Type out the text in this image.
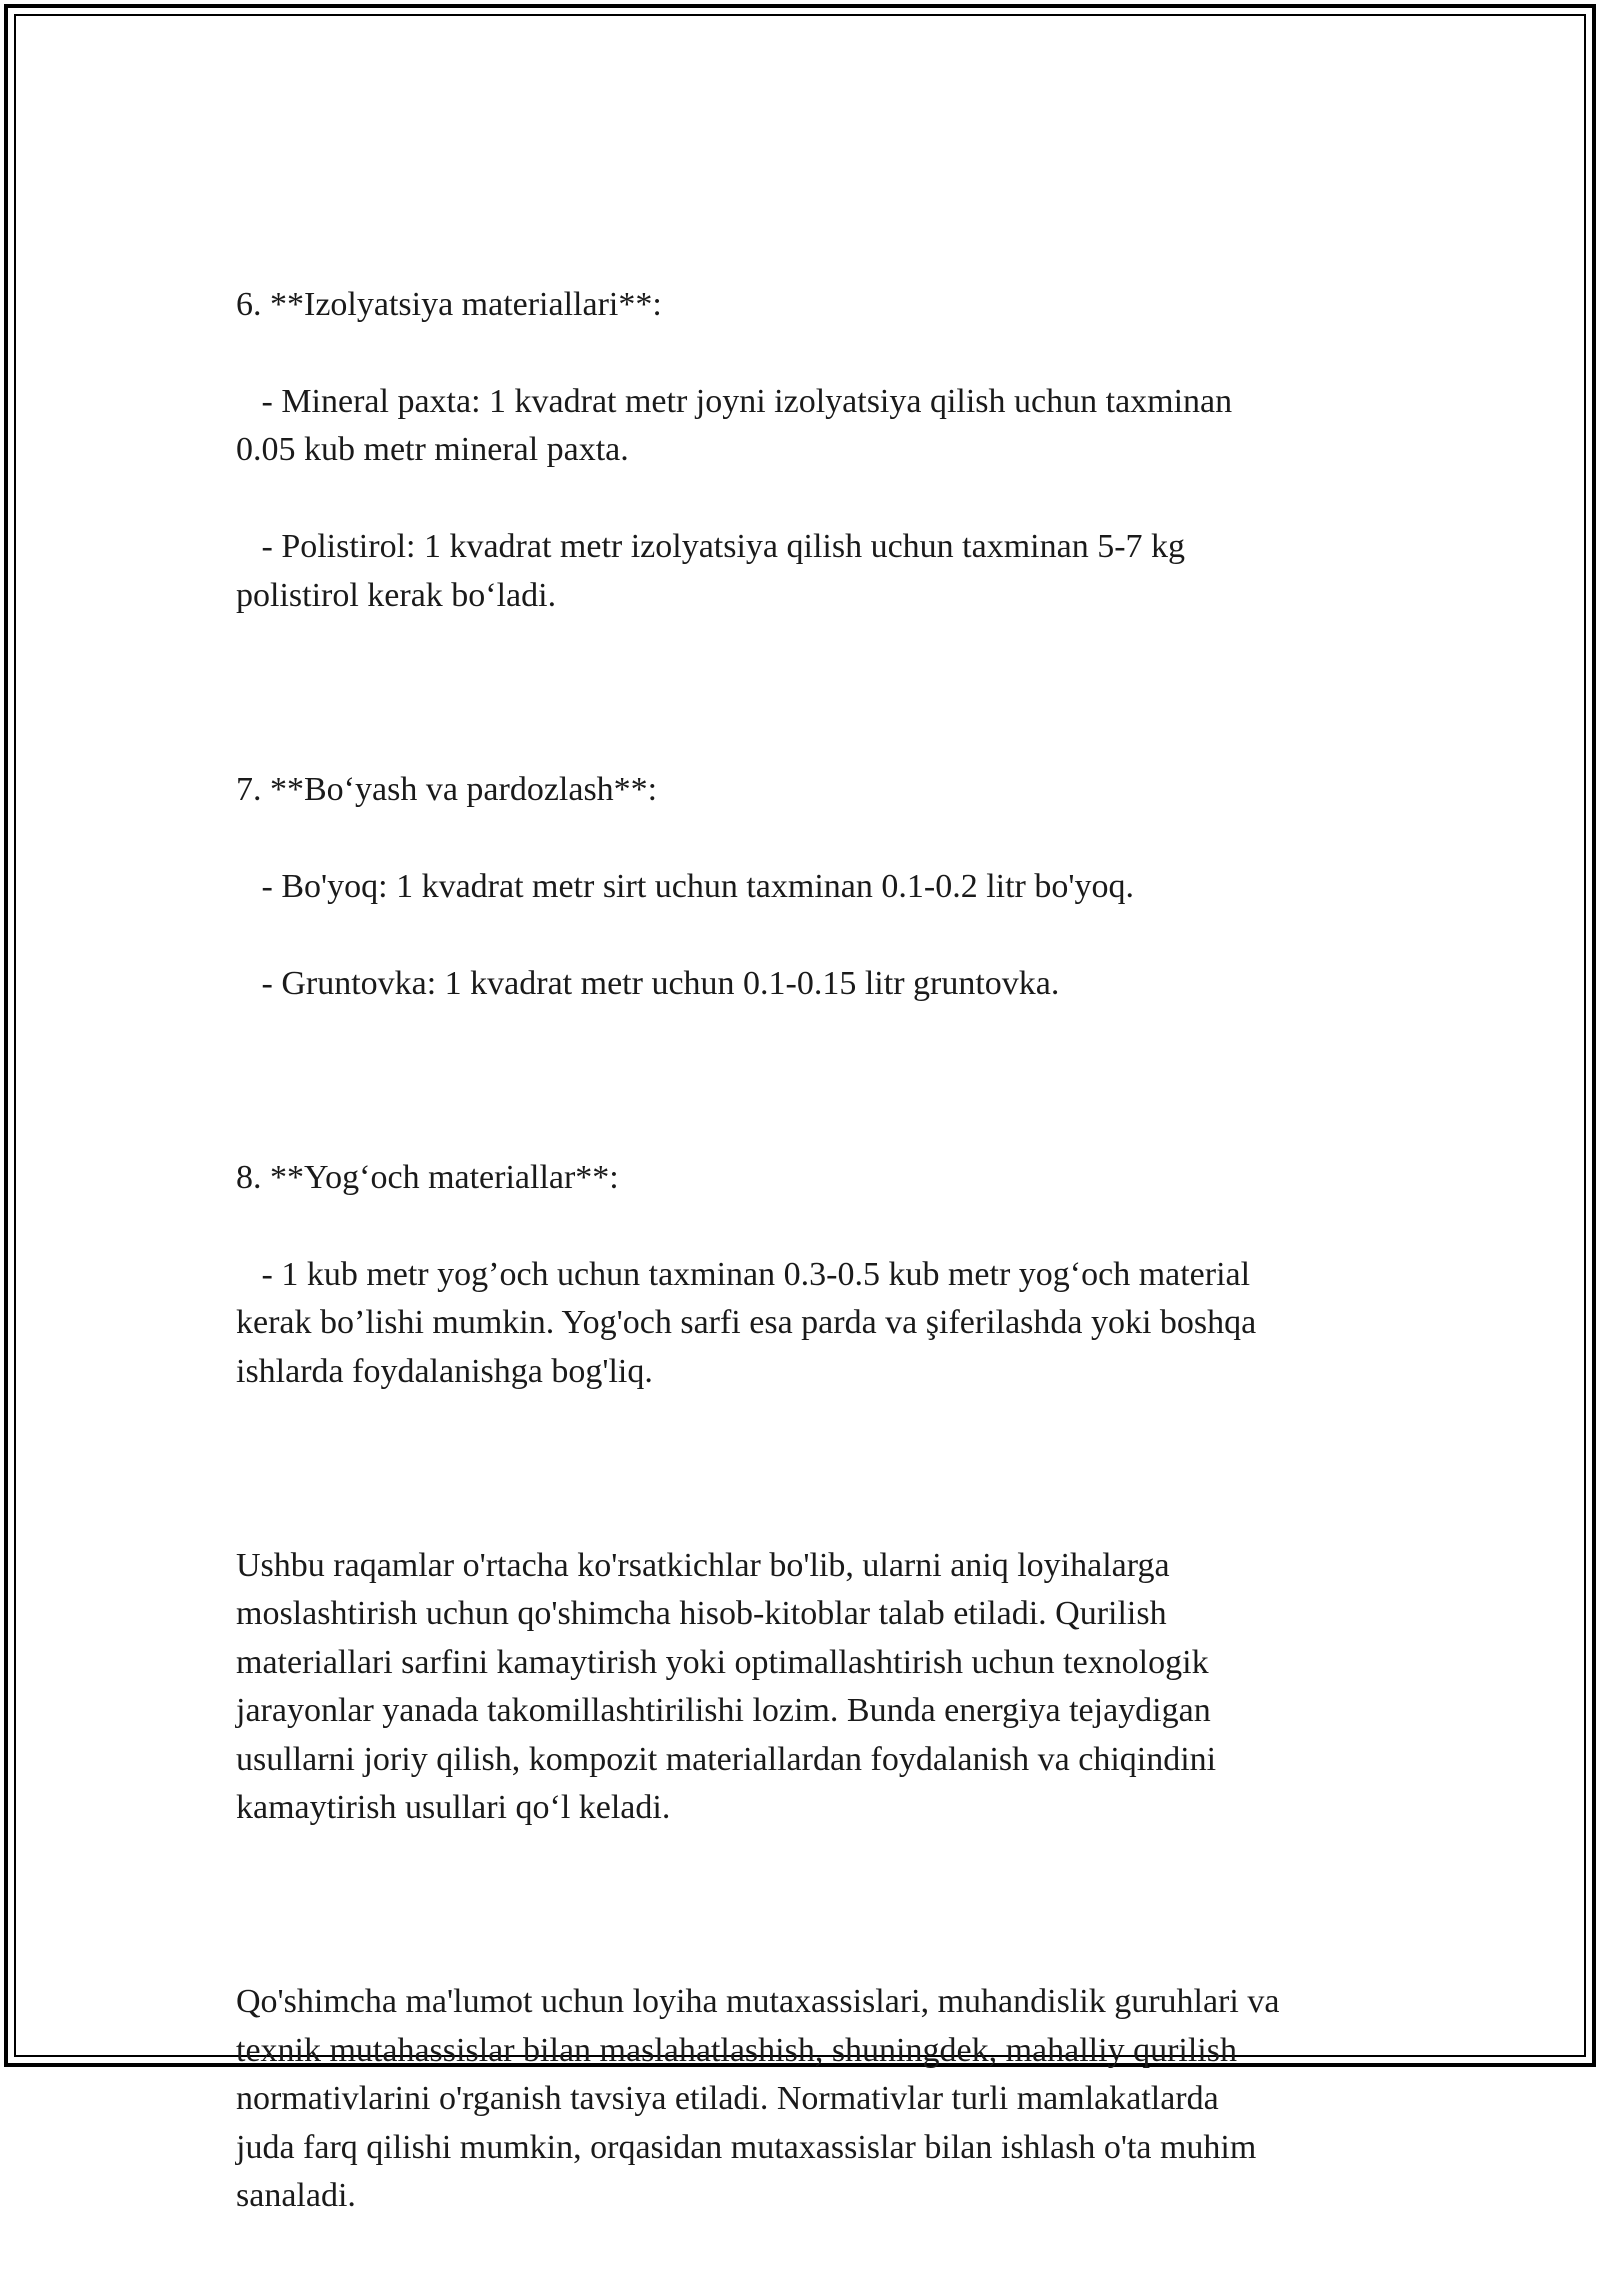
6. **Izolyatsiya materiallari**:

- Mineral paxta: 1 kvadrat metr joyni izolyatsiya qilish uchun taxminan
0.05 kub metr mineral paxta.

- Polistirol: 1 kvadrat metr izolyatsiya qilish uchun taxminan 5-7 kg
polistirol kerak bo‘ladi.

7. **Bo‘yash va pardozlash**:

- Bo'yoq: 1 kvadrat metr sirt uchun taxminan 0.1-0.2 litr bo'yoq.

- Gruntovka: 1 kvadrat metr uchun 0.1-0.15 litr gruntovka.

8. **Yog‘och materiallar**:

- 1 kub metr yog’och uchun taxminan 0.3-0.5 kub metr yog‘och material
kerak bo’lishi mumkin. Yog'och sarfi esa parda va şiferilashda yoki boshqa
ishlarda foydalanishga bog'liq.

Ushbu raqamlar o'rtacha ko'rsatkichlar bo'lib, ularni aniq loyihalarga
moslashtirish uchun qo'shimcha hisob-kitoblar talab etiladi. Qurilish
materiallari sarfini kamaytirish yoki optimallashtirish uchun texnologik
jarayonlar yanada takomillashtirilishi lozim. Bunda energiya tejaydigan
usullarni joriy qilish, kompozit materiallardan foydalanish va chiqindini
kamaytirish usullari qo‘l keladi.

Qo'shimcha ma'lumot uchun loyiha mutaxassislari, muhandislik guruhlari va
texnik mutahassislar bilan maslahatlashish, shuningdek, mahalliy qurilish
normativlarini o'rganish tavsiya etiladi. Normativlar turli mamlakatlarda
juda farq qilishi mumkin, orqasidan mutaxassislar bilan ishlash o'ta muhim
sanaladi.
